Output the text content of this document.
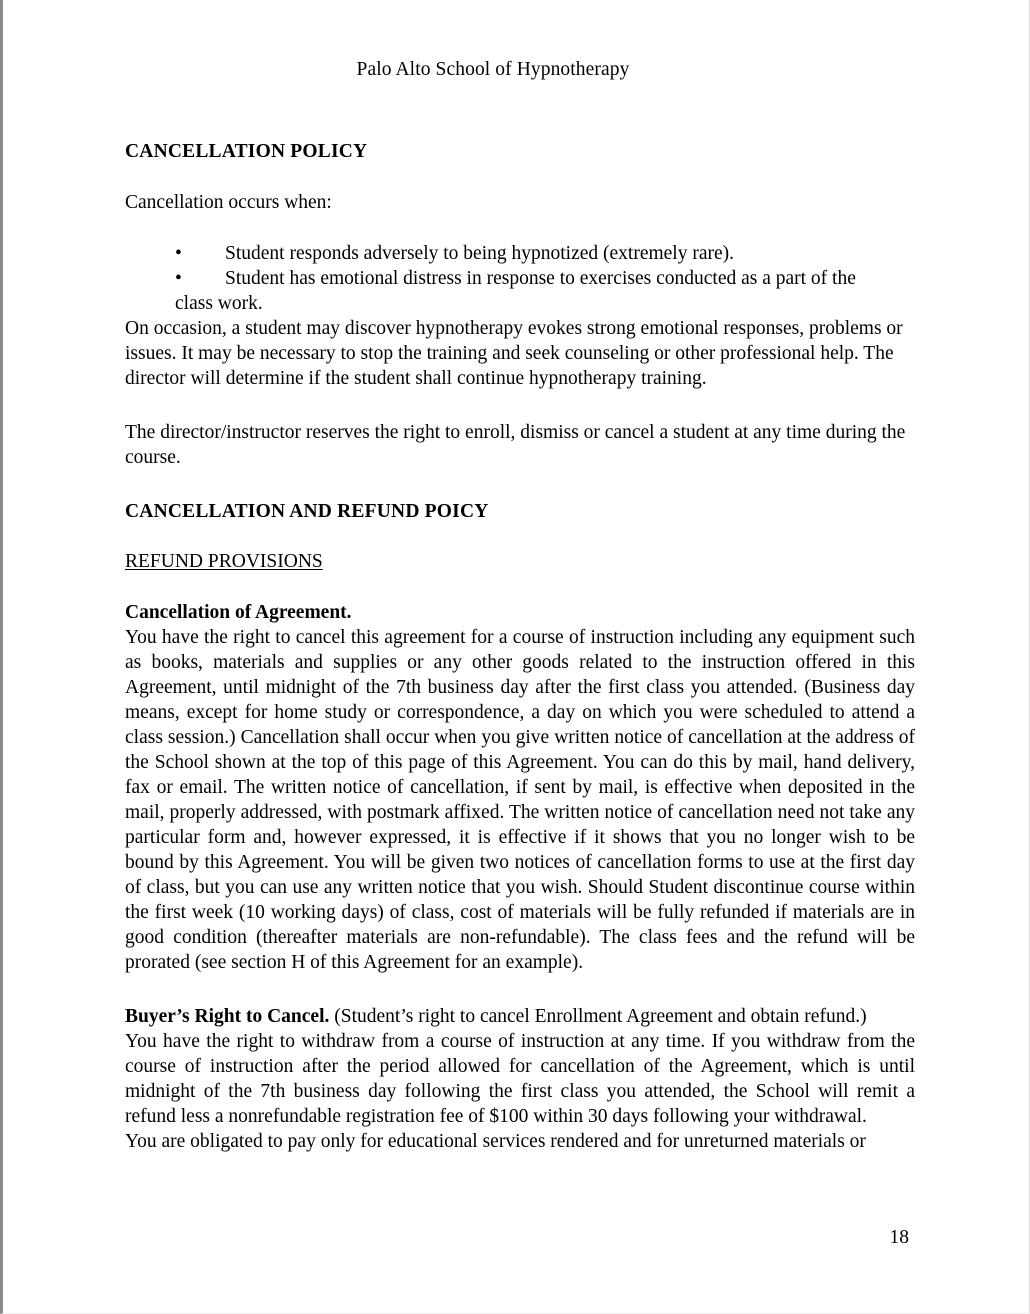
Palo Alto School of Hypnotherapy
CANCELLATION POLICY

Cancellation occurs when:

•	Student responds adversely to being hypnotized (extremely rare).
•	Student has emotional distress in response to exercises conducted as a part of the
class work.

On occasion, a student may discover hypnotherapy evokes strong emotional responses, problems or issues. It may be necessary to stop the training and seek counseling or other professional help. The director will determine if the student shall continue hypnotherapy training.

The director/instructor reserves the right to enroll, dismiss or cancel a student at any time during the course.

CANCELLATION AND REFUND POICY

REFUND PROVISIONS

Cancellation of Agreement.

You have the right to cancel this agreement for a course of instruction including any equipment such as books, materials and supplies or any other goods related to the instruction offered in this Agreement, until midnight of the 7th business day after the first class you attended. (Business day means, except for home study or correspondence, a day on which you were scheduled to attend a class session.) Cancellation shall occur when you give written notice of cancellation at the address of the School shown at the top of this page of this Agreement. You can do this by mail, hand delivery, fax or email. The written notice of cancellation, if sent by mail, is effective when deposited in the mail, properly addressed, with postmark affixed. The written notice of cancellation need not take any particular form and, however expressed, it is effective if it shows that you no longer wish to be bound by this Agreement. You will be given two notices of cancellation forms to use at the first day of class, but you can use any written notice that you wish. Should Student discontinue course within the first week (10 working days) of class, cost of materials will be fully refunded if materials are in good condition (thereafter materials are non-refundable). The class fees and the refund will be prorated (see section H of this Agreement for an example).

Buyer’s Right to Cancel. (Student’s right to cancel Enrollment Agreement and obtain refund.)

You have the right to withdraw from a course of instruction at any time. If you withdraw from the course of instruction after the period allowed for cancellation of the Agreement, which is until midnight of the 7th business day following the first class you attended, the School will remit a refund less a nonrefundable registration fee of $100 within 30 days following your withdrawal.

You are obligated to pay only for educational services rendered and for unreturned materials or

18
